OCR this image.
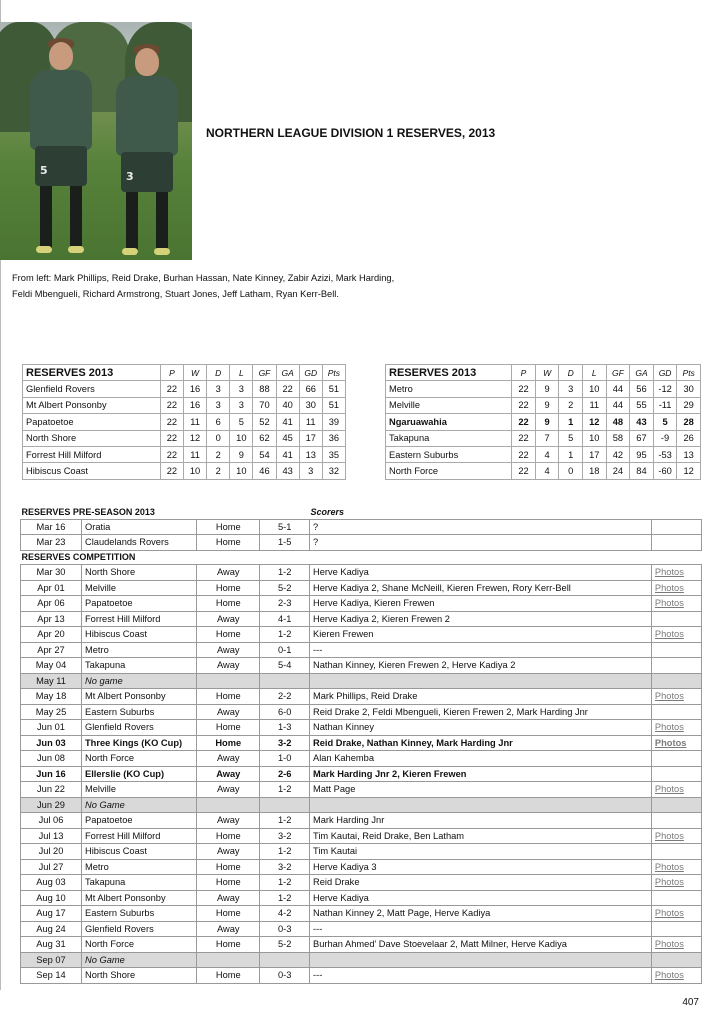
5	3
NORTHERN LEAGUE DIVISION 1 RESERVES, 2013
From left: Mark Phillips, Reid Drake, Burhan Hassan, Nate Kinney, Zabir Azizi, Mark Harding,
Feldi Mbengueli, Richard Armstrong, Stuart Jones, Jeff Latham, Ryan Kerr-Bell.
RESERVES 2013	P	W	D	L	GF	GA	GD	Pts
Glenfield Rovers	22	16	3	3	88	22	66	51
Mt Albert Ponsonby	22	16	3	3	70	40	30	51
Papatoetoe	22	11	6	5	52	41	11	39
North Shore	22	12	0	10	62	45	17	36
Forrest Hill Milford	22	11	2	9	54	41	13	35
Hibiscus Coast	22	10	2	10	46	43	3	32
RESERVES 2013	P	W	D	L	GF	GA	GD	Pts
Metro	22	9	3	10	44	56	-12	30
Melville	22	9	2	11	44	55	-11	29
Ngaruawahia	22	9	1	12	48	43	5	28
Takapuna	22	7	5	10	58	67	-9	26
Eastern Suburbs	22	4	1	17	42	95	-53	13
North Force	22	4	0	18	24	84	-60	12
RESERVES PRE-SEASON 2013				Scorers	
Mar 16	Oratia	Home	5-1	?	
Mar 23	Claudelands Rovers	Home	1-5	?	
RESERVES COMPETITION					
Mar 30	North Shore	Away	1-2	Herve Kadiya	Photos
Apr 01	Melville	Home	5-2	Herve Kadiya 2, Shane McNeill, Kieren Frewen, Rory Kerr-Bell	Photos
Apr 06	Papatoetoe	Home	2-3	Herve Kadiya, Kieren Frewen	Photos
Apr 13	Forrest Hill Milford	Away	4-1	Herve Kadiya 2, Kieren Frewen 2	
Apr 20	Hibiscus Coast	Home	1-2	Kieren Frewen	Photos
Apr 27	Metro	Away	0-1	---	
May 04	Takapuna	Away	5-4	Nathan Kinney, Kieren Frewen 2, Herve Kadiya 2	
May 11	No game				
May 18	Mt Albert Ponsonby	Home	2-2	Mark Phillips, Reid Drake	Photos
May 25	Eastern Suburbs	Away	6-0	Reid Drake 2, Feldi Mbengueli, Kieren Frewen 2, Mark Harding Jnr	
Jun 01	Glenfield Rovers	Home	1-3	Nathan Kinney	Photos
Jun 03	Three Kings (KO Cup)	Home	3-2	Reid Drake, Nathan Kinney, Mark Harding Jnr	Photos
Jun 08	North Force	Away	1-0	Alan Kahemba	
Jun 16	Ellerslie (KO Cup)	Away	2-6	Mark Harding Jnr 2, Kieren Frewen	
Jun 22	Melville	Away	1-2	Matt Page	Photos
Jun 29	No Game				
Jul 06	Papatoetoe	Away	1-2	Mark Harding Jnr	
Jul 13	Forrest Hill Milford	Home	3-2	Tim Kautai, Reid Drake, Ben Latham	Photos
Jul 20	Hibiscus Coast	Away	1-2	Tim Kautai	
Jul 27	Metro	Home	3-2	Herve Kadiya 3	Photos
Aug 03	Takapuna	Home	1-2	Reid Drake	Photos
Aug 10	Mt Albert Ponsonby	Away	1-2	Herve Kadiya	
Aug 17	Eastern Suburbs	Home	4-2	Nathan Kinney 2, Matt Page, Herve Kadiya	Photos
Aug 24	Glenfield Rovers	Away	0-3	---	
Aug 31	North Force	Home	5-2	Burhan Ahmed’ Dave Stoevelaar 2, Matt Milner, Herve Kadiya	Photos
Sep 07	No Game				
Sep 14	North Shore	Home	0-3	---	Photos
407
